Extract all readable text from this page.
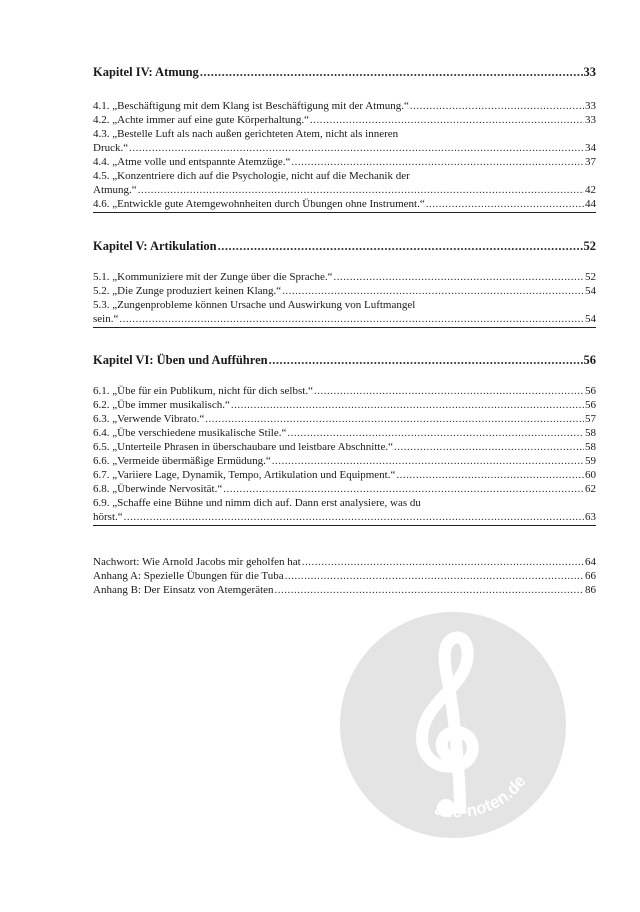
Kapitel IV: Atmung .....	33
4.1. „Beschäftigung mit dem Klang ist Beschäftigung mit der Atmung.“ .....	33
4.2. „Achte immer auf eine gute Körperhaltung.“ .....	33
4.3. „Bestelle Luft als nach außen gerichteten Atem, nicht als inneren
Druck.“ .....	34
4.4. „Atme volle und entspannte Atemzüge.“ .....	37
4.5. „Konzentriere dich auf die Psychologie, nicht auf die Mechanik der
Atmung.“ .....	42
4.6. „Entwickle gute Atemgewohnheiten durch Übungen ohne Instrument.“ .....	44
Kapitel V: Artikulation .....	52
5.1. „Kommuniziere mit der Zunge über die Sprache.“ .....	52
5.2. „Die Zunge produziert keinen Klang.“ .....	54
5.3. „Zungenprobleme können Ursache und Auswirkung von Luftmangel
sein.“ .....	54
Kapitel VI: Üben und Aufführen .....	56
6.1. „Übe für ein Publikum, nicht für dich selbst.“ .....	56
6.2. „Übe immer musikalisch.“ .....	56
6.3. „Verwende Vibrato.“ .....	57
6.4. „Übe verschiedene musikalische Stile.“ .....	58
6.5. „Unterteile Phrasen in überschaubare und leistbare Abschnitte.“ .....	58
6.6. „Vermeide übermäßige Ermüdung.“ .....	59
6.7. „Variiere Lage, Dynamik, Tempo, Artikulation und Equipment.“ .....	60
6.8. „Überwinde Nervosität.“ .....	62
6.9. „Schaffe eine Bühne und nimm dich auf. Dann erst analysiere, was du
hörst.“ .....	63
Nachwort: Wie Arnold Jacobs mir geholfen hat .....	64
Anhang A: Spezielle Übungen für die Tuba .....	66
Anhang B: Der Einsatz von Atemgeräten .....	86
alle-noten.de
